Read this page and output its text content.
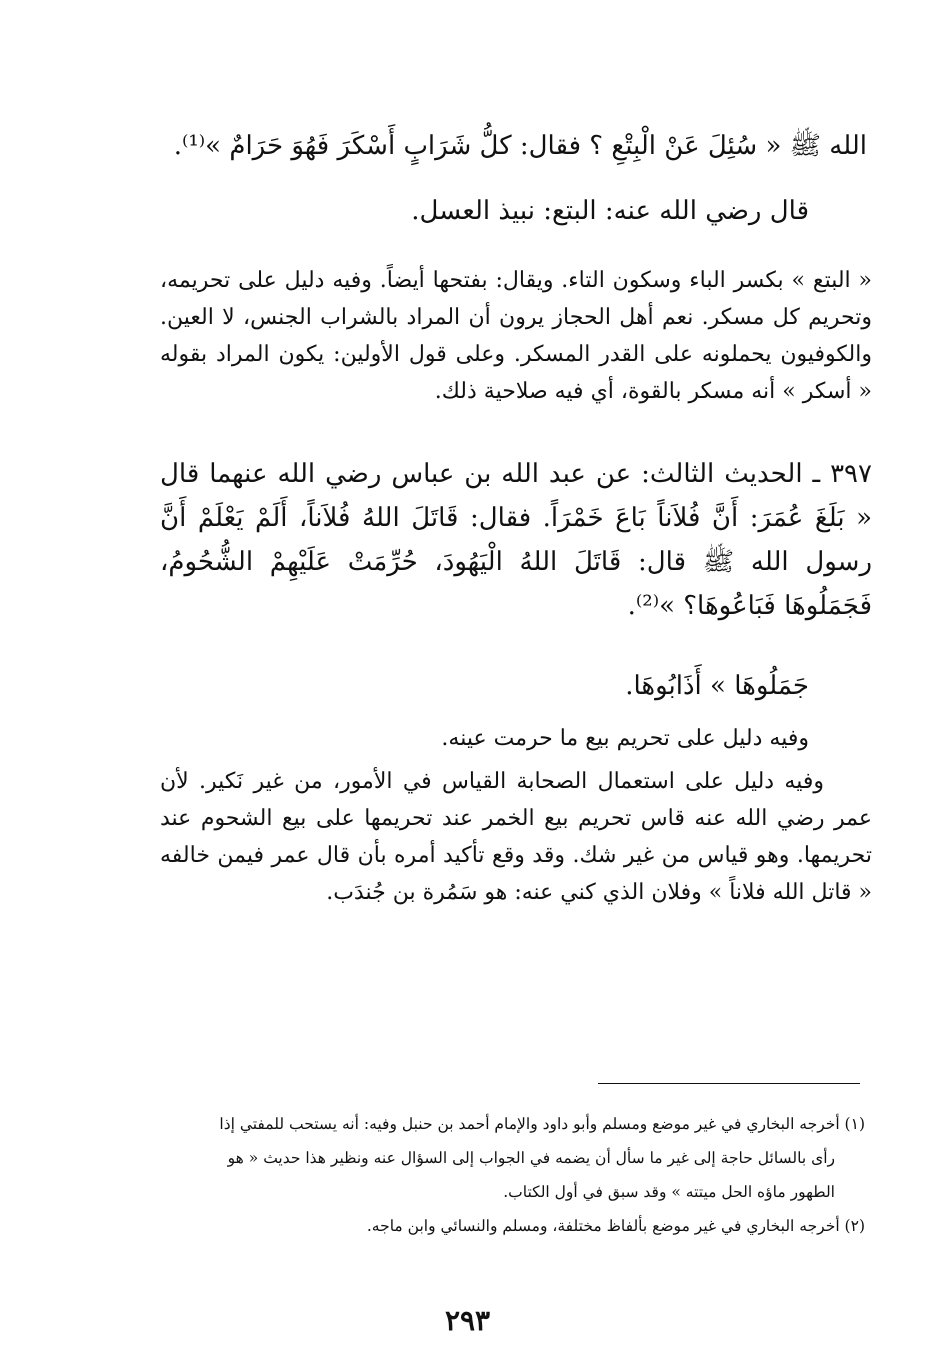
الله ﷺ « سُئِلَ عَنْ الْبِتْعِ ؟ فقال: كلُّ شَرَابٍ أَسْكَرَ فَهُوَ حَرَامٌ »⁽¹⁾.
قال رضي الله عنه: البتع: نبيذ العسل.

« البتع » بكسر الباء وسكون التاء. ويقال: بفتحها أيضاً. وفيه دليل على تحريمه، وتحريم كل مسكر. نعم أهل الحجاز يرون أن المراد بالشراب الجنس، لا العين. والكوفيون يحملونه على القدر المسكر. وعلى قول الأولين: يكون المراد بقوله « أسكر » أنه مسكر بالقوة، أي فيه صلاحية ذلك.

٣٩٧ ـ الحديث الثالث: عن عبد الله بن عباس رضي الله عنهما قال « بَلَغَ عُمَرَ: أَنَّ فُلاَناً بَاعَ خَمْرَاً. فقال: قَاتَلَ اللهُ فُلاَناً، أَلَمْ يَعْلَمْ أَنَّ رسول الله ﷺ قال: قَاتَلَ اللهُ الْيَهُودَ، حُرِّمَتْ عَلَيْهِمْ الشُّحُومُ، فَجَمَلُوهَا فَبَاعُوهَا؟ »⁽²⁾.

جَمَلُوهَا » أَذَابُوهَا.
وفيه دليل على تحريم بيع ما حرمت عينه.

وفيه دليل على استعمال الصحابة القياس في الأمور، من غير نَكير. لأن عمر رضي الله عنه قاس تحريم بيع الخمر عند تحريمها على بيع الشحوم عند تحريمها. وهو قياس من غير شك. وقد وقع تأكيد أمره بأن قال عمر فيمن خالفه « قاتل الله فلاناً » وفلان الذي كني عنه: هو سَمُرة بن جُندَب.

(١) أخرجه البخاري في غير موضع ومسلم وأبو داود والإمام أحمد بن حنبل وفيه: أنه يستحب للمفتي إذا
رأى بالسائل حاجة إلى غير ما سأل أن يضمه في الجواب إلى السؤال عنه ونظير هذا حديث « هو
الطهور ماؤه الحل ميتته » وقد سبق في أول الكتاب.
(٢) أخرجه البخاري في غير موضع بألفاظ مختلفة، ومسلم والنسائي وابن ماجه.
٢٩٣
